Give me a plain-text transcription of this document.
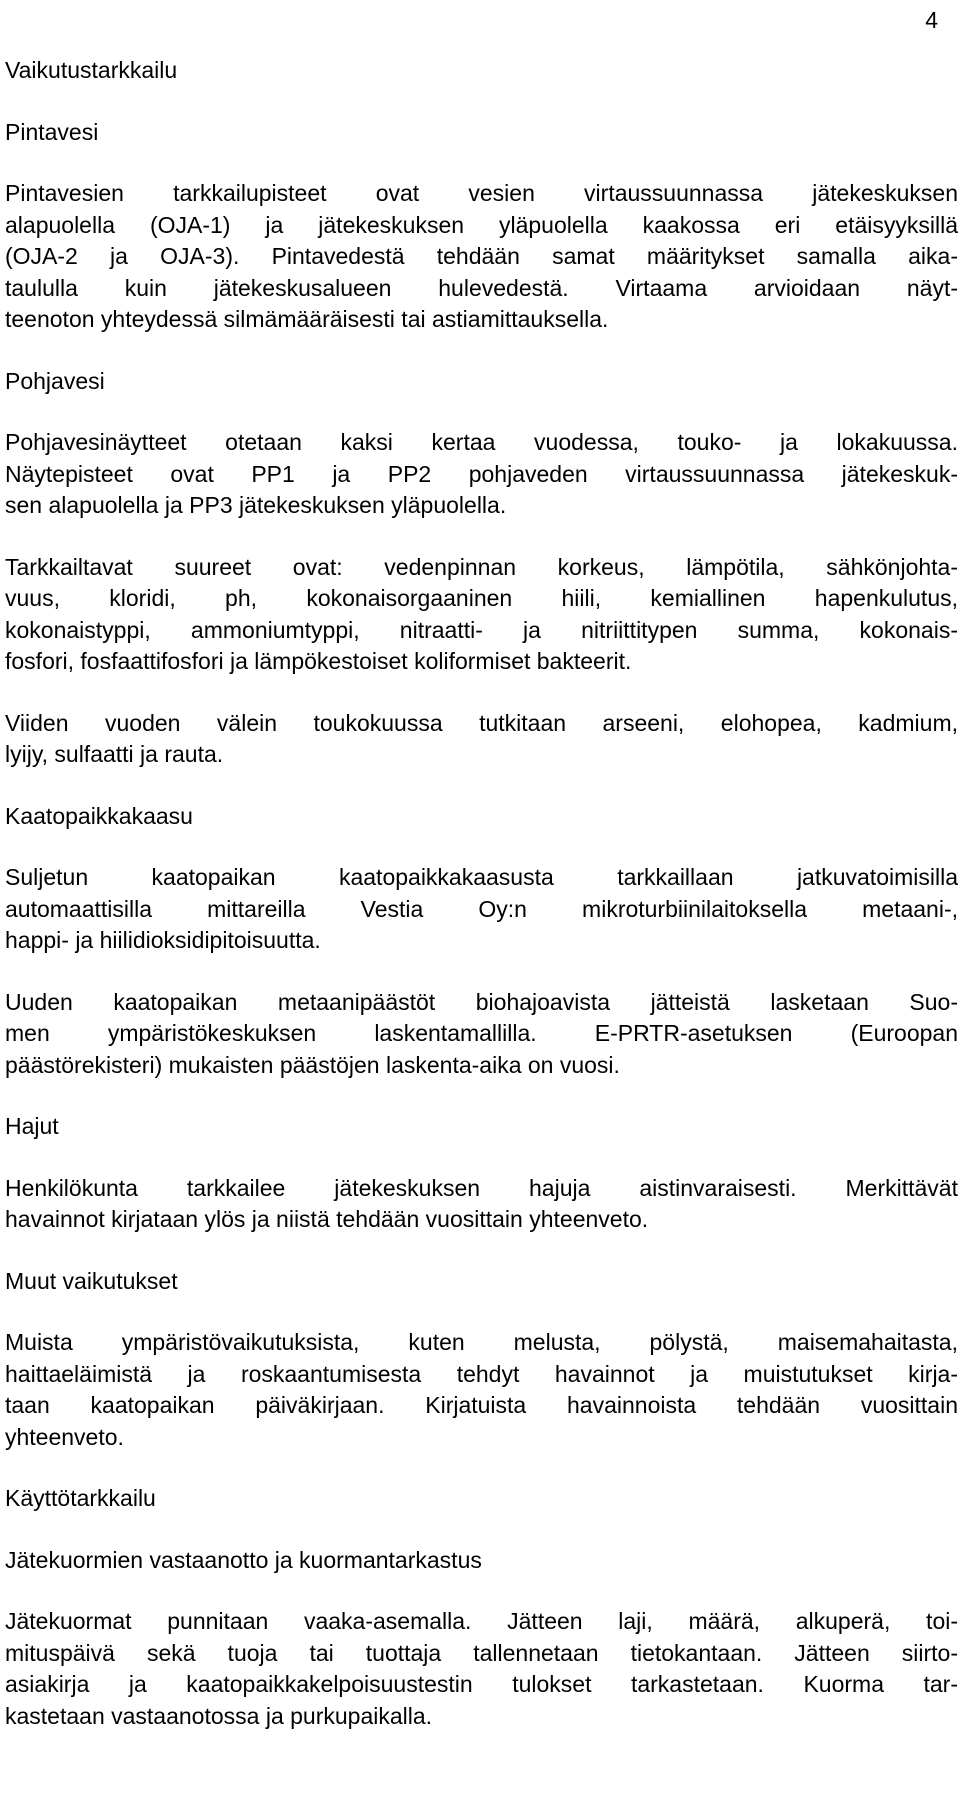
4
Vaikutustarkkailu
Pintavesi
Pintavesien tarkkailupisteet ovat vesien virtaussuunnassa jätekeskuksen
alapuolella (OJA-1) ja jätekeskuksen yläpuolella kaakossa eri etäisyyksillä
(OJA-2 ja OJA-3). Pintavedestä tehdään samat määritykset samalla aika-
taululla kuin jätekeskusalueen hulevedestä. Virtaama arvioidaan näyt-
teenoton yhteydessä silmämääräisesti tai astiamittauksella.
Pohjavesi
Pohjavesinäytteet otetaan kaksi kertaa vuodessa, touko- ja lokakuussa.
Näytepisteet ovat PP1 ja PP2 pohjaveden virtaussuunnassa jätekeskuk-
sen alapuolella ja PP3 jätekeskuksen yläpuolella.
Tarkkailtavat suureet ovat: vedenpinnan korkeus, lämpötila, sähkönjohta-
vuus, kloridi, ph, kokonaisorgaaninen hiili, kemiallinen hapenkulutus,
kokonaistyppi, ammoniumtyppi, nitraatti- ja nitriittitypen summa, kokonais-
fosfori, fosfaattifosfori ja lämpökestoiset koliformiset bakteerit.
Viiden vuoden välein toukokuussa tutkitaan arseeni, elohopea, kadmium,
lyijy, sulfaatti ja rauta.
Kaatopaikkakaasu
Suljetun kaatopaikan kaatopaikkakaasusta tarkkaillaan jatkuvatoimisilla
automaattisilla mittareilla Vestia Oy:n mikroturbiinilaitoksella metaani-,
happi- ja hiilidioksidipitoisuutta.
Uuden kaatopaikan metaanipäästöt biohajoavista jätteistä lasketaan Suo-
men ympäristökeskuksen laskentamallilla. E-PRTR-asetuksen (Euroopan
päästörekisteri) mukaisten päästöjen laskenta-aika on vuosi.
Hajut
Henkilökunta tarkkailee jätekeskuksen hajuja aistinvaraisesti. Merkittävät
havainnot kirjataan ylös ja niistä tehdään vuosittain yhteenveto.
Muut vaikutukset
Muista ympäristövaikutuksista, kuten melusta, pölystä, maisemahaitasta,
haittaeläimistä ja roskaantumisesta tehdyt havainnot ja muistutukset kirja-
taan kaatopaikan päiväkirjaan. Kirjatuista havainnoista tehdään vuosittain
yhteenveto.
Käyttötarkkailu
Jätekuormien vastaanotto ja kuormantarkastus
Jätekuormat punnitaan vaaka-asemalla. Jätteen laji, määrä, alkuperä, toi-
mituspäivä sekä tuoja tai tuottaja tallennetaan tietokantaan. Jätteen siirto-
asiakirja ja kaatopaikkakelpoisuustestin tulokset tarkastetaan. Kuorma tar-
kastetaan vastaanotossa ja purkupaikalla.
